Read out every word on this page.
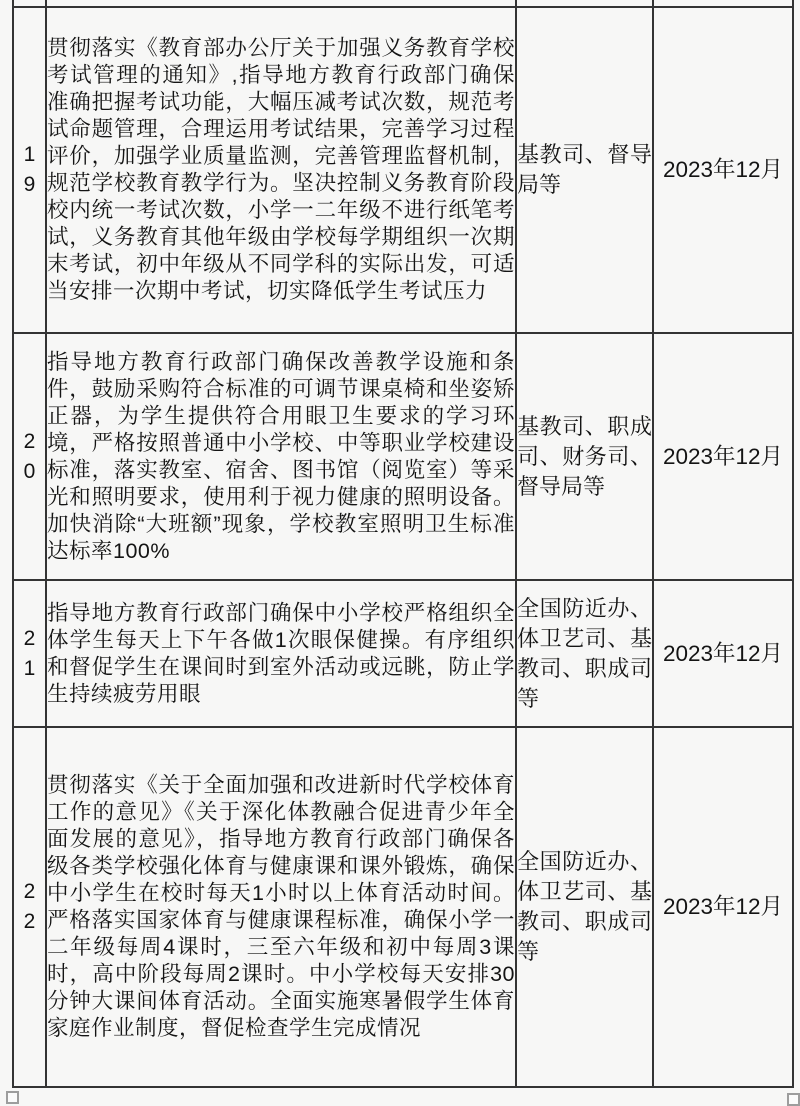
19	贯彻落实《教育部办公厅关于加强义务教育学校考试管理的通知》,指导地方教育行政部门确保准确把握考试功能，大幅压减考试次数，规范考试命题管理，合理运用考试结果，完善学习过程评价，加强学业质量监测，完善管理监督机制，规范学校教育教学行为。坚决控制义务教育阶段校内统一考试次数，小学一二年级不进行纸笔考试，义务教育其他年级由学校每学期组织一次期末考试，初中年级从不同学科的实际出发，可适当安排一次期中考试，切实降低学生考试压力	基教司、督导局等	2023年12月
20	指导地方教育行政部门确保改善教学设施和条件，鼓励采购符合标准的可调节课桌椅和坐姿矫正器，为学生提供符合用眼卫生要求的学习环境，严格按照普通中小学校、中等职业学校建设标准，落实教室、宿舍、图书馆（阅览室）等采光和照明要求，使用利于视力健康的照明设备。加快消除“大班额”现象，学校教室照明卫生标准达标率100%	基教司、职成司、财务司、督导局等	2023年12月
21	指导地方教育行政部门确保中小学校严格组织全体学生每天上下午各做1次眼保健操。有序组织和督促学生在课间时到室外活动或远眺，防止学生持续疲劳用眼	全国防近办、体卫艺司、基教司、职成司等	2023年12月
22	贯彻落实《关于全面加强和改进新时代学校体育工作的意见》《关于深化体教融合促进青少年全面发展的意见》，指导地方教育行政部门确保各级各类学校强化体育与健康课和课外锻炼，确保中小学生在校时每天1小时以上体育活动时间。严格落实国家体育与健康课程标准，确保小学一二年级每周4课时，三至六年级和初中每周3课时，高中阶段每周2课时。中小学校每天安排30分钟大课间体育活动。全面实施寒暑假学生体育家庭作业制度，督促检查学生完成情况	全国防近办、体卫艺司、基教司、职成司等	2023年12月
